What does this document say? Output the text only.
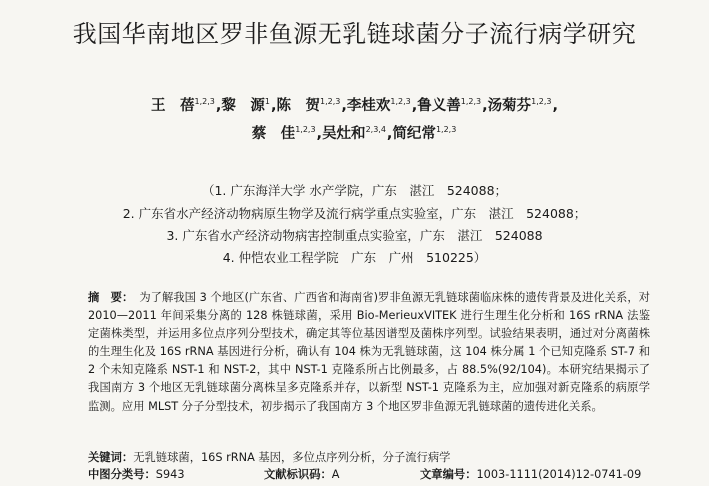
我国华南地区罗非鱼源无乳链球菌分子流行病学研究
王　蓓$^{1,2,3}$,黎　源$^1$,陈　贺$^{1,2,3}$,李桂欢$^{1,2,3}$,鲁义善$^{1,2,3}$,汤菊芬$^{1,2,3}$,
蔡　佳$^{1,2,3}$,吴灶和$^{2,3,4}$,简纪常$^{1,2,3}$
（1. 广东海洋大学 水产学院，广东　湛江　524088；
2. 广东省水产经济动物病原生物学及流行病学重点实验室，广东　湛江　524088；
3. 广东省水产经济动物病害控制重点实验室，广东　湛江　524088
4. 仲恺农业工程学院　广东　广州　510225）
摘　要： 为了解我国 3 个地区(广东省、广西省和海南省)罗非鱼源无乳链球菌临床株的遗传背景及进化关系，对 2010—2011 年间采集分离的 128 株链球菌，采用 Bio-MerieuxVITEK 进行生理生化分析和 16S rRNA 法鉴定菌株类型，并运用多位点序列分型技术，确定其等位基因谱型及菌株序列型。试验结果表明，通过对分离菌株的生理生化及 16S rRNA 基因进行分析，确认有 104 株为无乳链球菌，这 104 株分属 1 个已知克隆系 ST-7 和 2 个未知克隆系 NST-1 和 NST-2，其中 NST-1 克隆系所占比例最多，占 88.5%(92/104)。本研究结果揭示了我国南方 3 个地区无乳链球菌分离株呈多克隆系并存，以新型 NST-1 克隆系为主，应加强对新克隆系的病原学监测。应用 MLST 分子分型技术，初步揭示了我国南方 3 个地区罗非鱼源无乳链球菌的遗传进化关系。
关键词：无乳链球菌，16S rRNA 基因，多位点序列分析，分子流行病学
中图分类号：S943	文献标识码：A	文章编号：1003-1111(2014)12-0741-09
